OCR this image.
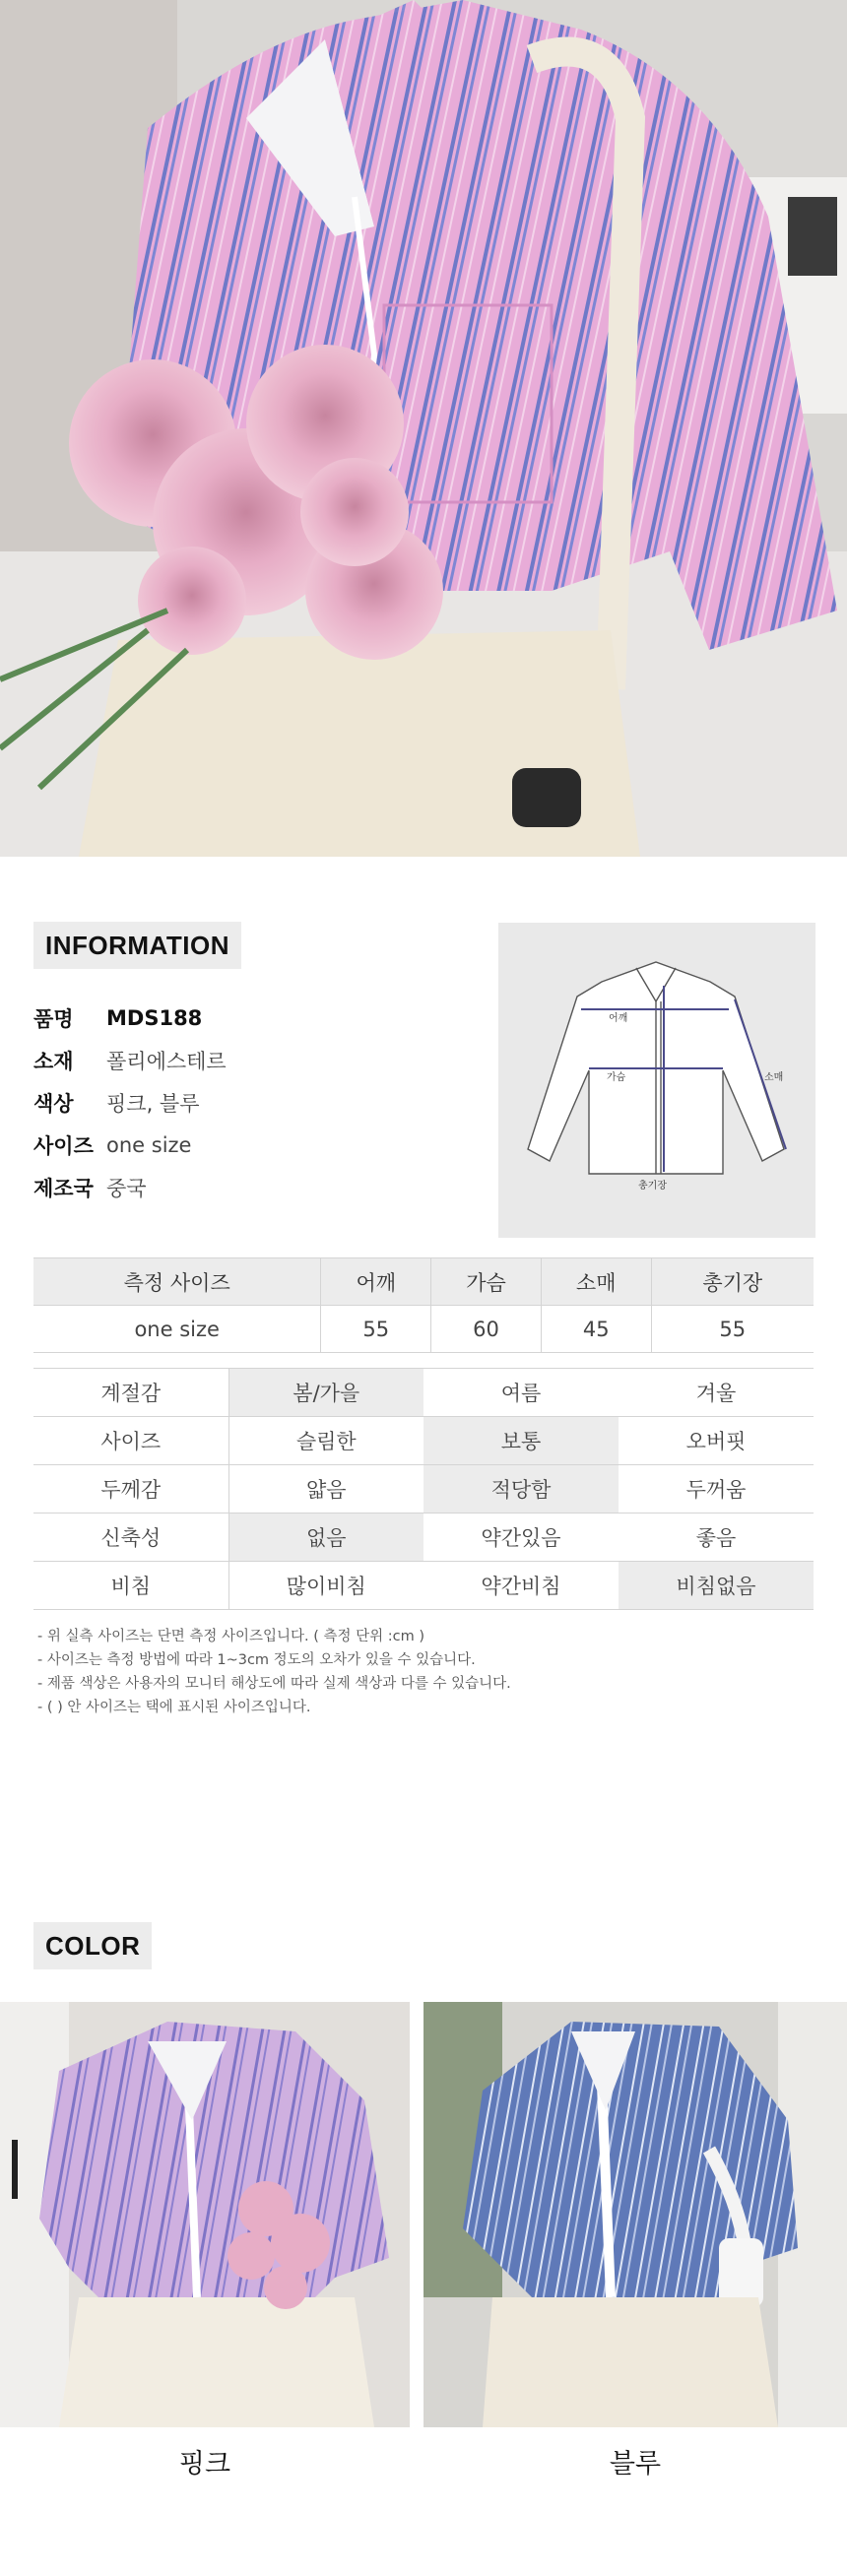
INFORMATION
품명	MDS188
소재	폴리에스테르
색상	핑크, 블루
사이즈 one size
제조국 중국
어깨
가슴	소매
총기장
측정 사이즈	어깨	가슴	소매	총기장
one size	55	60	45	55
계절감	봄/가을	여름	겨울
사이즈	슬림한	보통	오버핏
두께감	얇음	적당함	두꺼움
신축성	없음	약간있음	좋음
비침	많이비침	약간비침	비침없음
- 위 실측 사이즈는 단면 측정 사이즈입니다. ( 측정 단위 :cm )
- 사이즈는 측정 방법에 따라 1~3cm 정도의 오차가 있을 수 있습니다.
- 제품 색상은 사용자의 모니터 해상도에 따라 실제 색상과 다를 수 있습니다.
- ( ) 안 사이즈는 택에 표시된 사이즈입니다.
COLOR
핑크	블루
